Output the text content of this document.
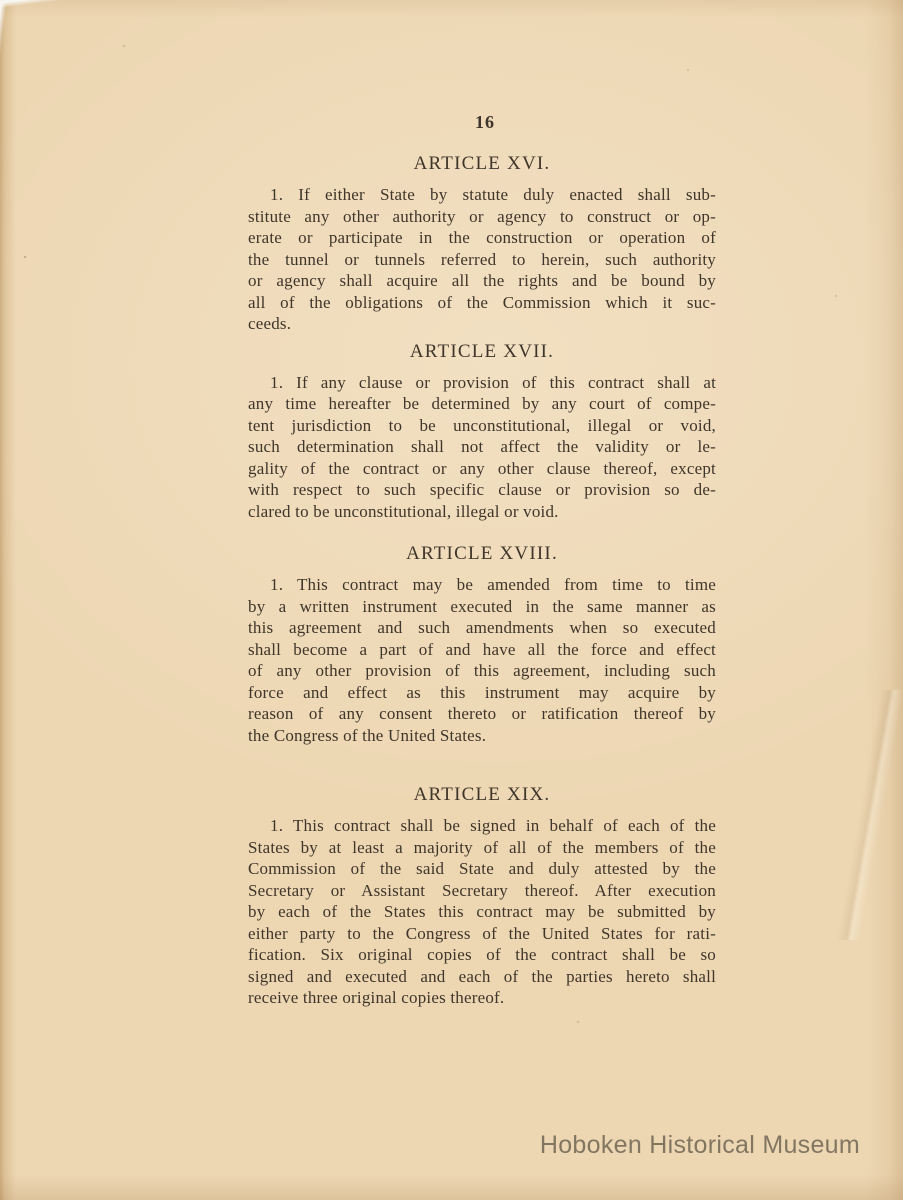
16
ARTICLE XVI.
1. If either State by statute duly enacted shall sub-
stitute any other authority or agency to construct or op-
erate or participate in the construction or operation of
the tunnel or tunnels referred to herein, such authority
or agency shall acquire all the rights and be bound by
all of the obligations of the Commission which it suc-
ceeds.
ARTICLE XVII.
1. If any clause or provision of this contract shall at
any time hereafter be determined by any court of compe-
tent jurisdiction to be unconstitutional, illegal or void,
such determination shall not affect the validity or le-
gality of the contract or any other clause thereof, except
with respect to such specific clause or provision so de-
clared to be unconstitutional, illegal or void.
ARTICLE XVIII.
1. This contract may be amended from time to time
by a written instrument executed in the same manner as
this agreement and such amendments when so executed
shall become a part of and have all the force and effect
of any other provision of this agreement, including such
force and effect as this instrument may acquire by
reason of any consent thereto or ratification thereof by
the Congress of the United States.
ARTICLE XIX.
1. This contract shall be signed in behalf of each of the
States by at least a majority of all of the members of the
Commission of the said State and duly attested by the
Secretary or Assistant Secretary thereof. After execution
by each of the States this contract may be submitted by
either party to the Congress of the United States for rati-
fication. Six original copies of the contract shall be so
signed and executed and each of the parties hereto shall
receive three original copies thereof.
Hoboken Historical Museum
